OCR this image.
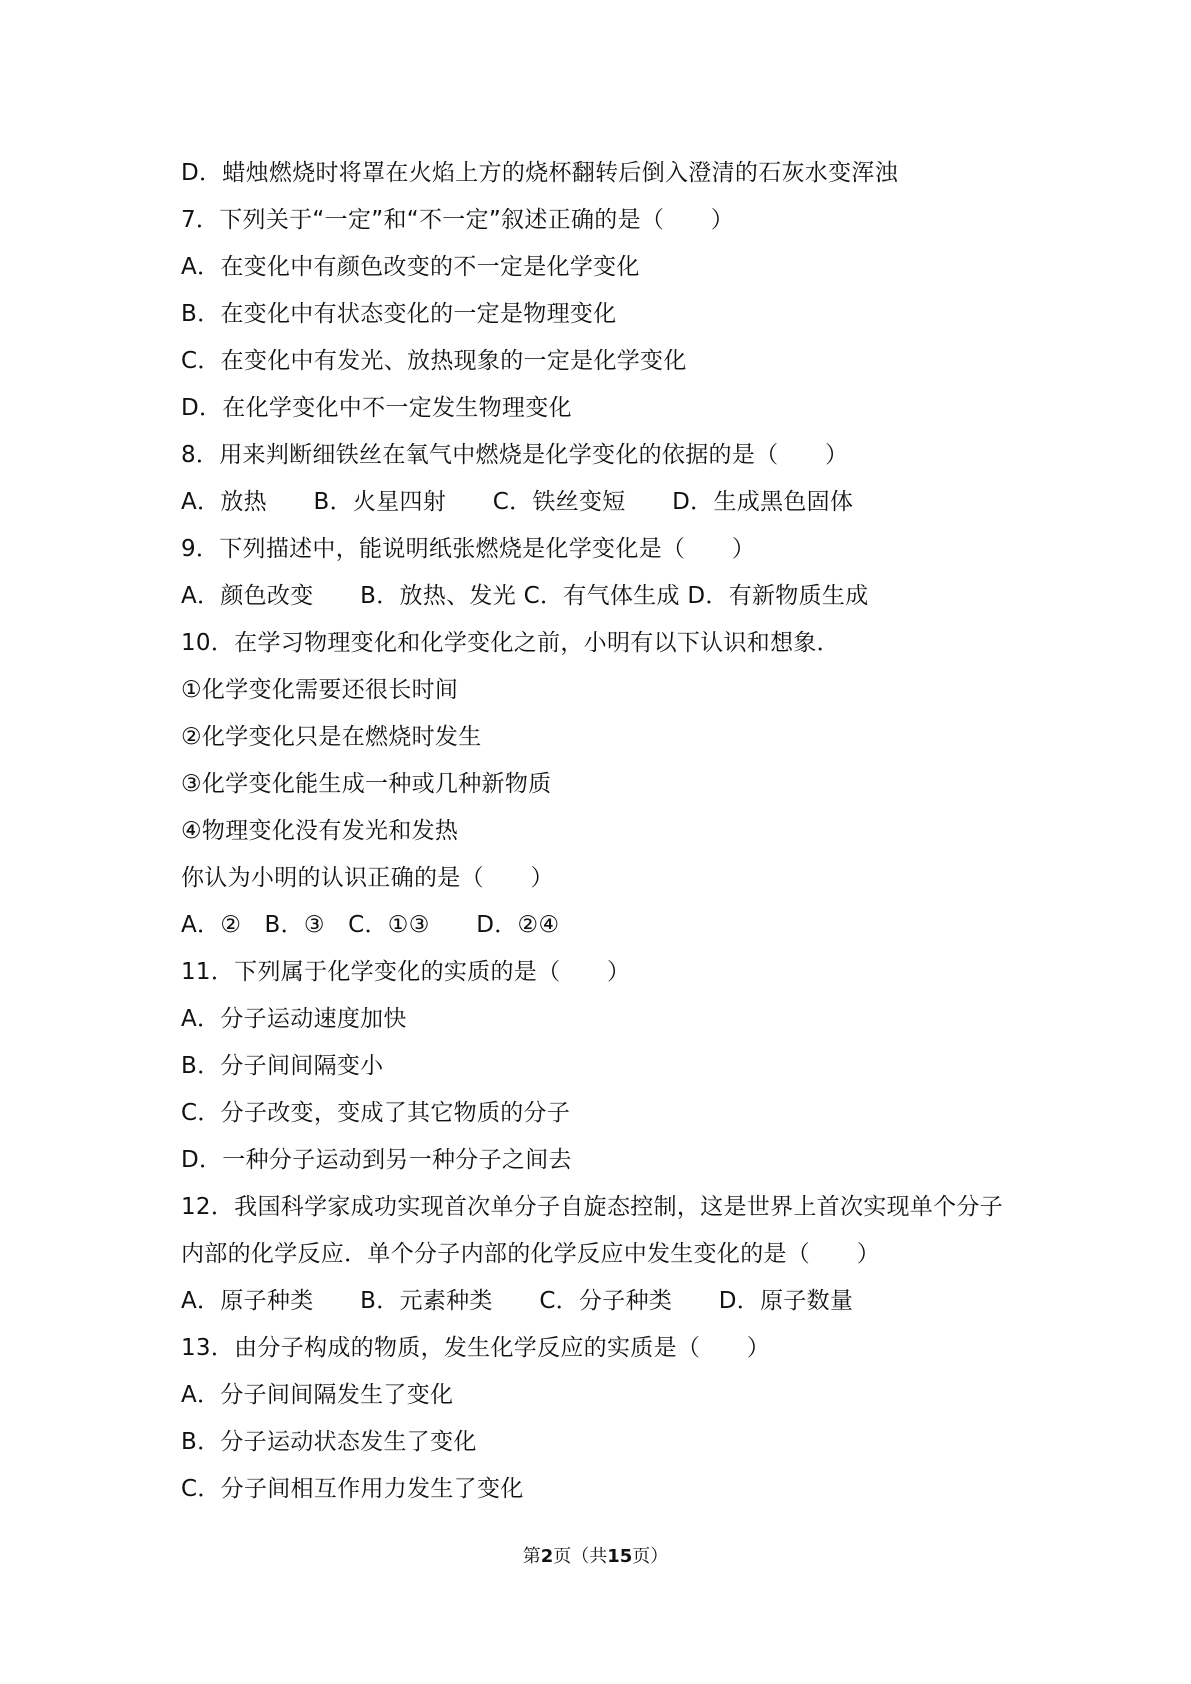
D．蜡烛燃烧时将罩在火焰上方的烧杯翻转后倒入澄清的石灰水变浑浊
7．下列关于“一定”和“不一定”叙述正确的是（　　）
A．在变化中有颜色改变的不一定是化学变化
B．在变化中有状态变化的一定是物理变化
C．在变化中有发光、放热现象的一定是化学变化
D．在化学变化中不一定发生物理变化
8．用来判断细铁丝在氧气中燃烧是化学变化的依据的是（　　）
A．放热　　B．火星四射　　C．铁丝变短　　D．生成黑色固体
9．下列描述中，能说明纸张燃烧是化学变化是（　　）
A．颜色改变　　B．放热、发光 C．有气体生成 D．有新物质生成
10．在学习物理变化和化学变化之前，小明有以下认识和想象．
①化学变化需要还很长时间
②化学变化只是在燃烧时发生
③化学变化能生成一种或几种新物质
④物理变化没有发光和发热
你认为小明的认识正确的是（　　）
A．②　B．③　C．①③　　D．②④
11．下列属于化学变化的实质的是（　　）
A．分子运动速度加快
B．分子间间隔变小
C．分子改变，变成了其它物质的分子
D．一种分子运动到另一种分子之间去
12．我国科学家成功实现首次单分子自旋态控制，这是世界上首次实现单个分子
内部的化学反应．单个分子内部的化学反应中发生变化的是（　　）
A．原子种类　　B．元素种类　　C．分子种类　　D．原子数量
13．由分子构成的物质，发生化学反应的实质是（　　）
A．分子间间隔发生了变化
B．分子运动状态发生了变化
C．分子间相互作用力发生了变化
第2页（共15页）
